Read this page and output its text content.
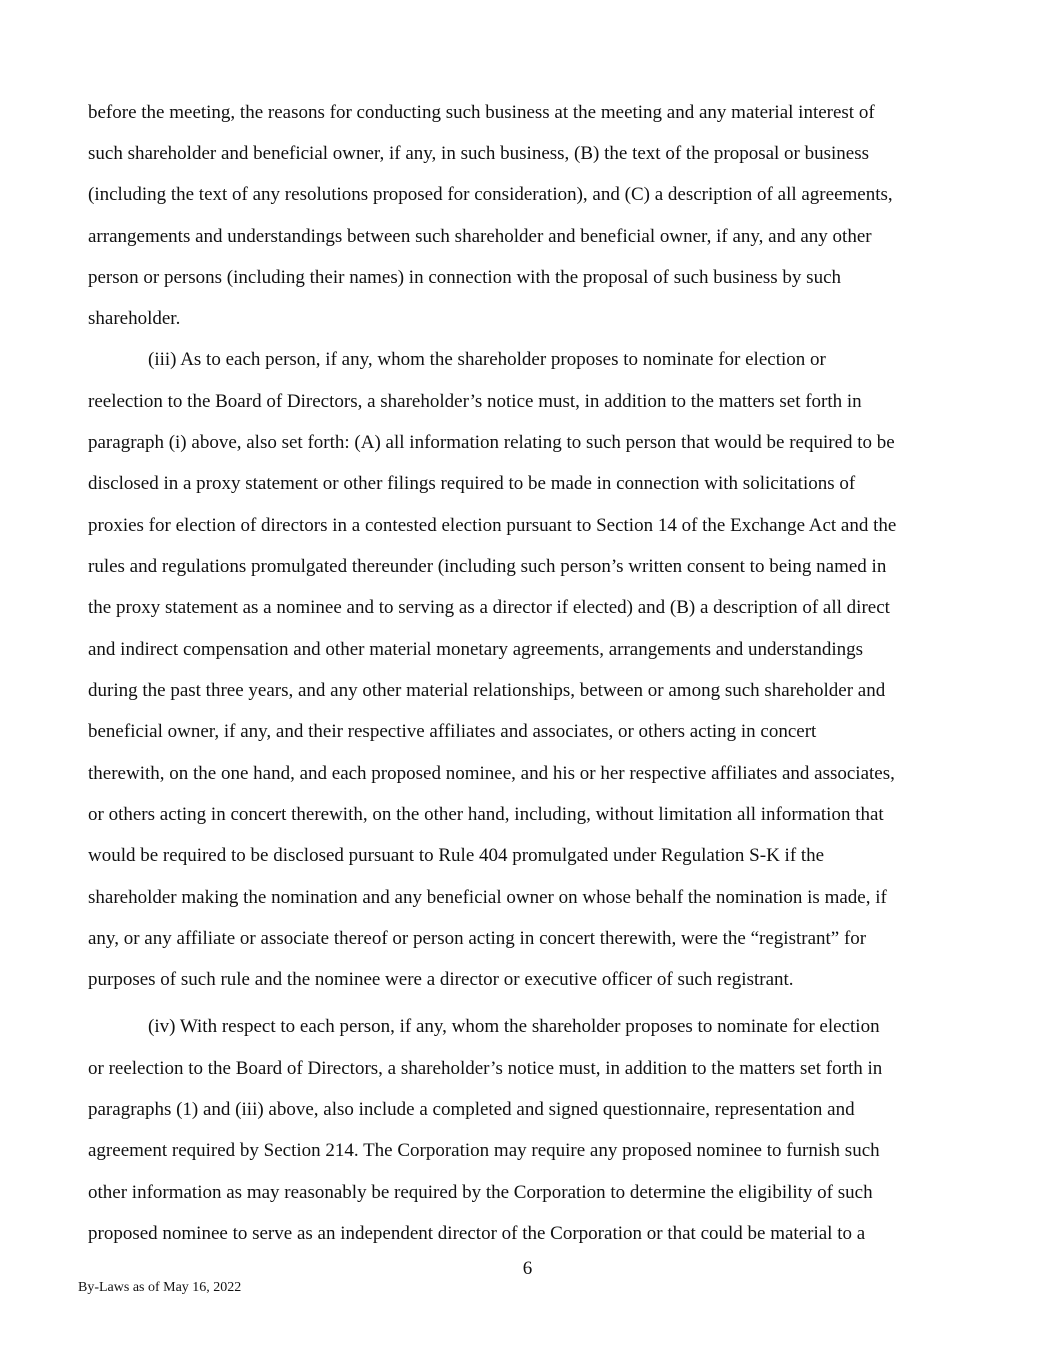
before the meeting, the reasons for conducting such business at the meeting and any material interest of

such shareholder and beneficial owner, if any, in such business, (B) the text of the proposal or business

(including the text of any resolutions proposed for consideration), and (C) a description of all agreements,

arrangements and understandings between such shareholder and beneficial owner, if any, and any other

person or persons (including their names) in connection with the proposal of such business by such

shareholder.

(iii) As to each person, if any, whom the shareholder proposes to nominate for election or

reelection to the Board of Directors, a shareholder’s notice must, in addition to the matters set forth in

paragraph (i) above, also set forth: (A) all information relating to such person that would be required to be

disclosed in a proxy statement or other filings required to be made in connection with solicitations of

proxies for election of directors in a contested election pursuant to Section 14 of the Exchange Act and the

rules and regulations promulgated thereunder (including such person’s written consent to being named in

the proxy statement as a nominee and to serving as a director if elected) and (B) a description of all direct

and indirect compensation and other material monetary agreements, arrangements and understandings

during the past three years, and any other material relationships, between or among such shareholder and

beneficial owner, if any, and their respective affiliates and associates, or others acting in concert

therewith, on the one hand, and each proposed nominee, and his or her respective affiliates and associates,

or others acting in concert therewith, on the other hand, including, without limitation all information that

would be required to be disclosed pursuant to Rule 404 promulgated under Regulation S-K if the

shareholder making the nomination and any beneficial owner on whose behalf the nomination is made, if

any, or any affiliate or associate thereof or person acting in concert therewith, were the “registrant” for

purposes of such rule and the nominee were a director or executive officer of such registrant.

(iv) With respect to each person, if any, whom the shareholder proposes to nominate for election

or reelection to the Board of Directors, a shareholder’s notice must, in addition to the matters set forth in

paragraphs (1) and (iii) above, also include a completed and signed questionnaire, representation and

agreement required by Section 214. The Corporation may require any proposed nominee to furnish such

other information as may reasonably be required by the Corporation to determine the eligibility of such

proposed nominee to serve as an independent director of the Corporation or that could be material to a

6
By-Laws as of May 16, 2022
